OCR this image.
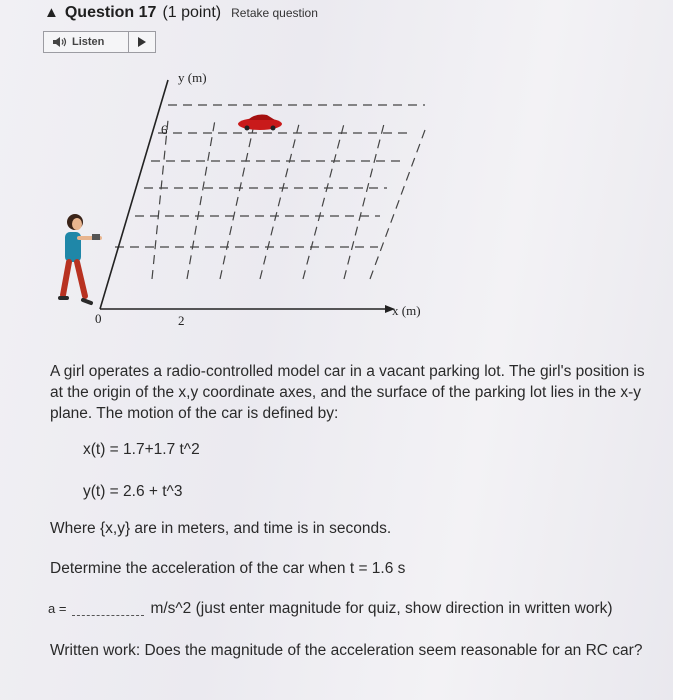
▲ Question 17 (1 point) Retake question
Listen
y (m)
6
x (m)
2
0
A girl operates a radio-controlled model car in a vacant parking lot. The girl's position is at the origin of the x,y coordinate axes, and the surface of the parking lot lies in the x-y plane. The motion of the car is defined by:
x(t) = 1.7+1.7 t^2
y(t) = 2.6 + t^3
Where {x,y} are in meters, and time is in seconds.
Determine the acceleration of the car when t = 1.6 s
a =	m/s^2 (just enter magnitude for quiz, show direction in written work)
Written work: Does the magnitude of the acceleration seem reasonable for an RC car?
